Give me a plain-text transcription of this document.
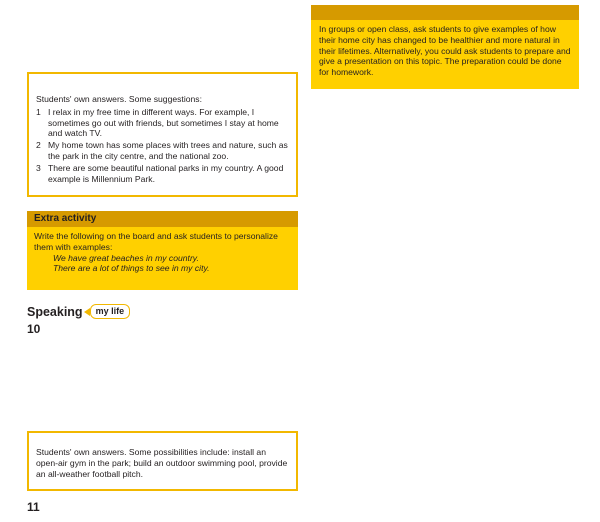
In groups or open class, ask students to give examples of how their home city has changed to be healthier and more natural in their lifetimes. Alternatively, you could ask students to prepare and give a presentation on this topic. The preparation could be done for homework.
Students' own answers. Some suggestions:
1 I relax in my free time in different ways. For example, I sometimes go out with friends, but sometimes I stay at home and watch TV.
2 My home town has some places with trees and nature, such as the park in the city centre, and the national zoo.
3 There are some beautiful national parks in my country. A good example is Millennium Park.
Extra activity
Write the following on the board and ask students to personalize them with examples:
We have great beaches in my country.
There are a lot of things to see in my city.
Speaking	my life
10
Students' own answers. Some possibilities include: install an open-air gym in the park; build an outdoor swimming pool, provide an all-weather football pitch.
11
